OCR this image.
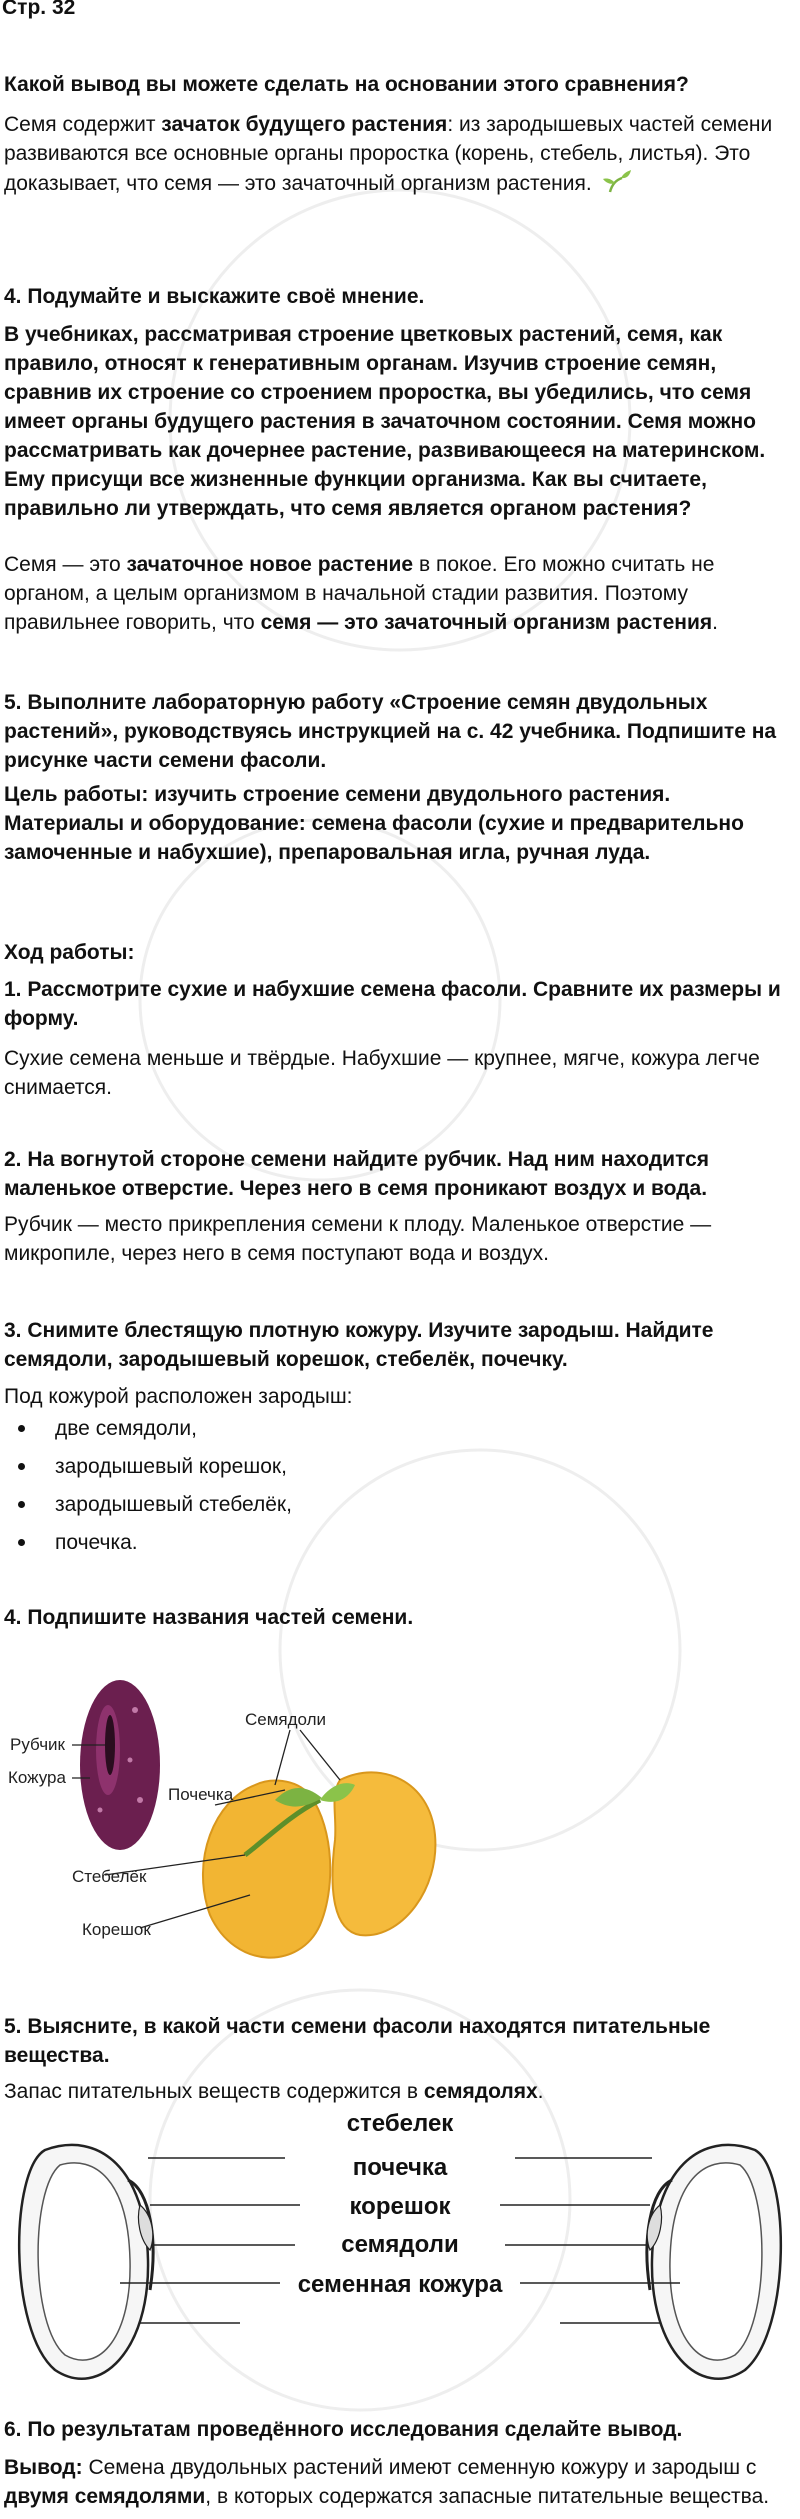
Стр. 32
Какой вывод вы можете сделать на основании этого сравнения?
Семя содержит зачаток будущего растения: из зародышевых частей семени развиваются все основные органы проростка (корень, стебель, листья). Это доказывает, что семя — это зачаточный организм растения.
4. Подумайте и выскажите своё мнение.
В учебниках, рассматривая строение цветковых растений, семя, как правило, относят к генеративным органам. Изучив строение семян, сравнив их строение со строением проростка, вы убедились, что семя имеет органы будущего растения в зачаточном состоянии. Семя можно рассматривать как дочернее растение, развивающееся на материнском. Ему присущи все жизненные функции организма. Как вы считаете, правильно ли утверждать, что семя является органом растения?
Семя — это зачаточное новое растение в покое. Его можно считать не органом, а целым организмом в начальной стадии развития. Поэтому правильнее говорить, что семя — это зачаточный организм растения.
5. Выполните лабораторную работу «Строение семян двудольных растений», руководствуясь инструкцией на с. 42 учебника. Подпишите на рисунке части семени фасоли.
Цель работы: изучить строение семени двудольного растения. Материалы и оборудование: семена фасоли (сухие и предварительно замоченные и набухшие), препаровальная игла, ручная луда.
Ход работы:
1. Рассмотрите сухие и набухшие семена фасоли. Сравните их размеры и форму.
Сухие семена меньше и твёрдые. Набухшие — крупнее, мягче, кожура легче снимается.
2. На вогнутой стороне семени найдите рубчик. Над ним находится маленькое отверстие. Через него в семя проникают воздух и вода.
Рубчик — место прикрепления семени к плоду. Маленькое отверстие — микропиле, через него в семя поступают вода и воздух.
3. Снимите блестящую плотную кожуру. Изучите зародыш. Найдите семядоли, зародышевый корешок, стебелёк, почечку.
Под кожурой расположен зародыш:
две семядоли,
зародышевый корешок,
зародышевый стебелёк,
почечка.
4. Подпишите названия частей семени.
Рубчик
Кожура
Семядоли
Почечка
Стебелёк
Корешок
5. Выясните, в какой части семени фасоли находятся питательные вещества.
Запас питательных веществ содержится в семядолях.
стебелек
почечка
корешок
семядоли
семенная кожура
6. По результатам проведённого исследования сделайте вывод.
Вывод: Семена двудольных растений имеют семенную кожуру и зародыш с двумя семядолями, в которых содержатся запасные питательные вещества.
